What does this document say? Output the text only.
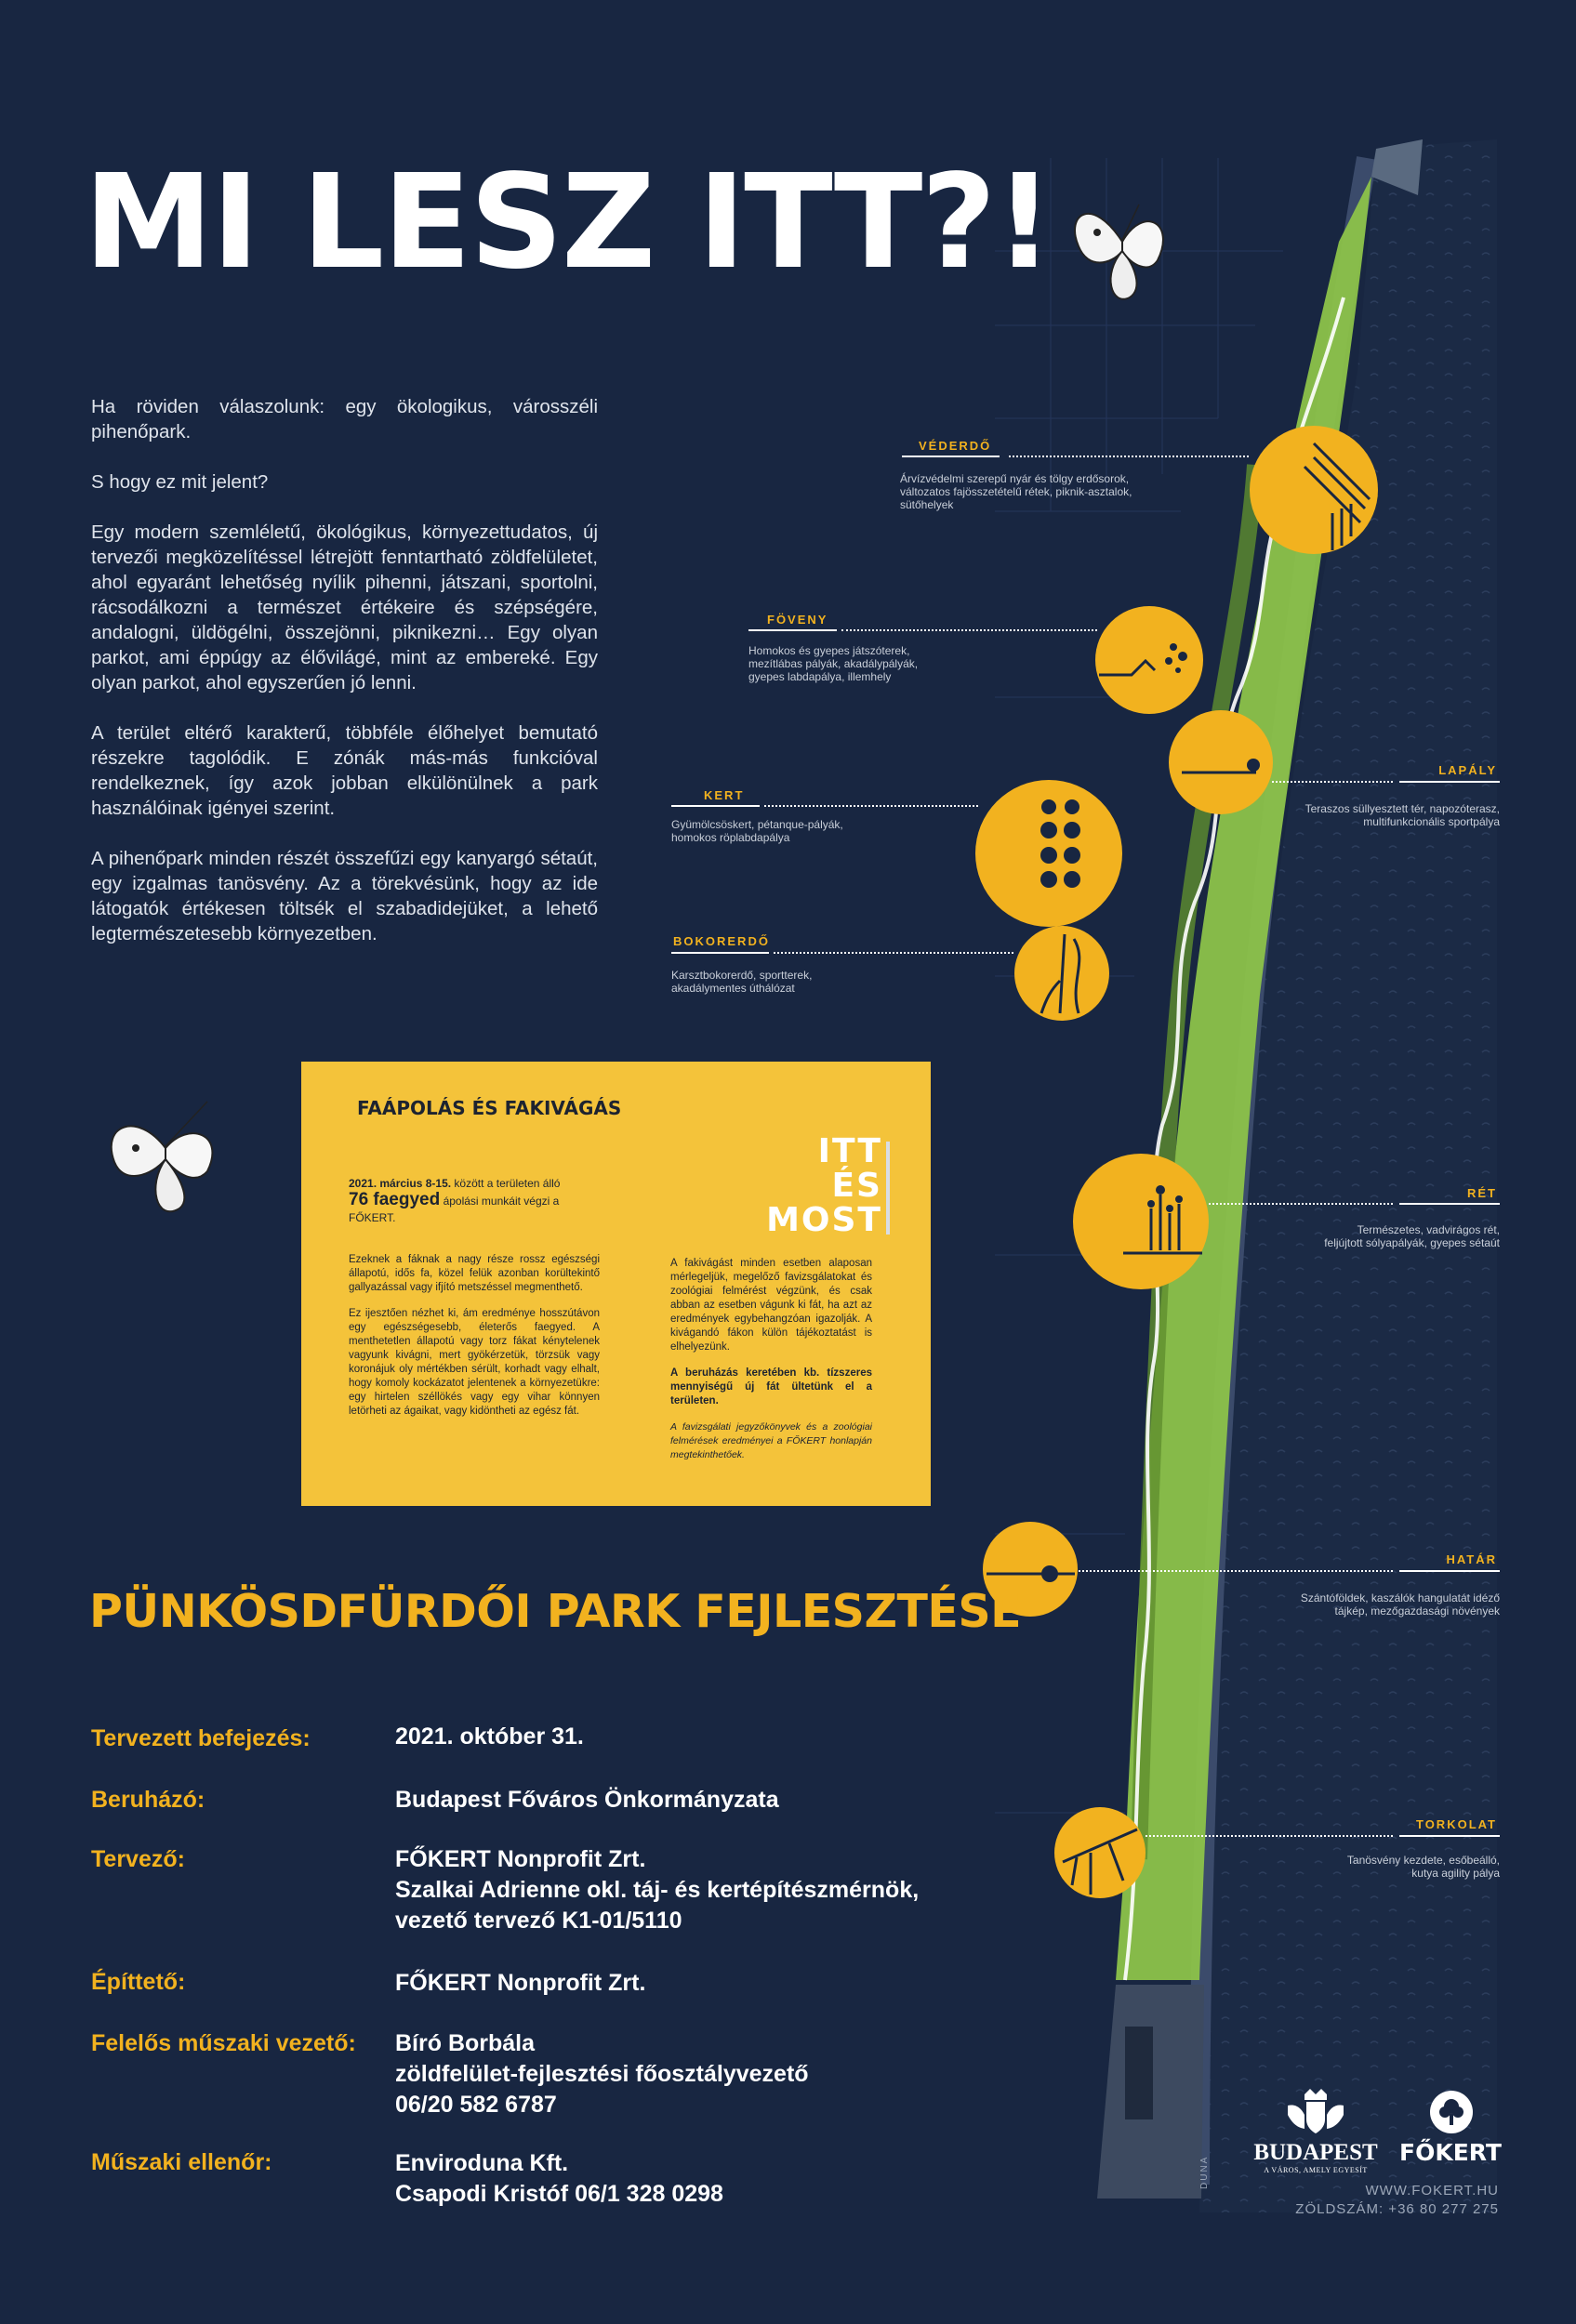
MI LESZ ITT?!

Ha röviden válaszolunk: egy ökologikus, városszéli pihenőpark.

S hogy ez mit jelent?

Egy modern szemléletű, ökológikus, környezettudatos, új tervezői megközelítéssel létrejött fenntartható zöldfelületet, ahol egyaránt lehetőség nyílik pihenni, játszani, sportolni, rácsodálkozni a természet értékeire és szépségére, andalogni, üldögélni, összejönni, piknikezni… Egy olyan parkot, ami éppúgy az élővilágé, mint az embereké. Egy olyan parkot, ahol egyszerűen jó lenni.

A terület eltérő karakterű, többféle élőhelyet bemutató részekre tagolódik. E zónák más-más funkcióval rendelkeznek, így azok jobban elkülönülnek a park használóinak igényei szerint.

A pihenőpark minden részét összefűzi egy kanyargó sétaút, egy izgalmas tanösvény. Az a törekvésünk, hogy az ide látogatók értékesen töltsék el szabadidejüket, a lehető legtermészetesebb környezetben.

FAÁPOLÁS ÉS FAKIVÁGÁS
ITT
ÉS
MOST
2021. március 8-15. között a területen álló
76 faegyed ápolási munkáit végzi a FŐKERT.

Ezeknek a fáknak a nagy része rossz egészségi állapotú, idős fa, közel felük azonban korültekintő gallyazással vagy ifjító metszéssel megmenthető.

Ez ijesztően nézhet ki, ám eredménye hosszútávon egy egészségesebb, életerős faegyed. A menthetetlen állapotú vagy torz fákat kénytelenek vagyunk kivágni, mert gyökérzetük, törzsük vagy koronájuk oly mértékben sérült, korhadt vagy elhalt, hogy komoly kockázatot jelentenek a környezetükre: egy hirtelen széllökés vagy egy vihar könnyen letörheti az ágaikat, vagy kidöntheti az egész fát.

A fakivágást minden esetben alaposan mérlegeljük, megelőző favizsgálatokat és zoológiai felmérést végzünk, és csak abban az esetben vágunk ki fát, ha azt az eredmények egybehangzóan igazolják. A kivágandó fákon külön tájékoztatást is elhelyezünk.

A beruházás keretében kb. tízszeres mennyiségű új fát ültetünk el a területen.

A favizsgálati jegyzőkönyvek és a zoológiai felmérések eredményei a FŐKERT honlapján megtekinthetőek.

PÜNKÖSDFÜRDŐI PARK FEJLESZTÉSE
Tervezett befejezés:	2021. október 31.
Beruházó:	Budapest Főváros Önkormányzata
Tervező:	FŐKERT Nonprofit Zrt.
Szalkai Adrienne okl. táj- és kertépítészmérnök,
vezető tervező K1-01/5110
Építtető:	FŐKERT Nonprofit Zrt.
Felelős műszaki vezető: Bíró Borbála
zöldfelület-fejlesztési főosztályvezető
06/20 582 6787
Műszaki ellenőr:	Enviroduna Kft.
Csapodi Kristóf 06/1 328 0298
VÉDERDŐ
Árvízvédelmi szerepű nyár és tölgy erdősorok,
változatos fajösszetételű rétek, piknik-asztalok,
sütőhelyek
FÖVENY
Homokos és gyepes játszóterek,
mezítlábas pályák, akadálypályák,
gyepes labdapálya, illemhely
LAPÁLY
Teraszos süllyesztett tér, napozóterasz,
multifunkcionális sportpálya
KERT
Gyümölcsöskert, pétanque-pályák,
homokos röplabdapálya
BOKORERDŐ
Karsztbokorerdő, sportterek,
akadálymentes úthálózat
RÉT
Természetes, vadvirágos rét,
feljújtott sólyapályák, gyepes sétaút
HATÁR
Szántóföldek, kaszálók hangulatát idéző
tájkép, mezőgazdasági növények
TORKOLAT
Tanösvény kezdete, esőbeálló,
kutya agility pálya
DUNA
BUDAPEST
A VÁROS, AMELY EGYESÍT
FŐKERT
WWW.FOKERT.HU
ZÖLDSZÁM: +36 80 277 275
